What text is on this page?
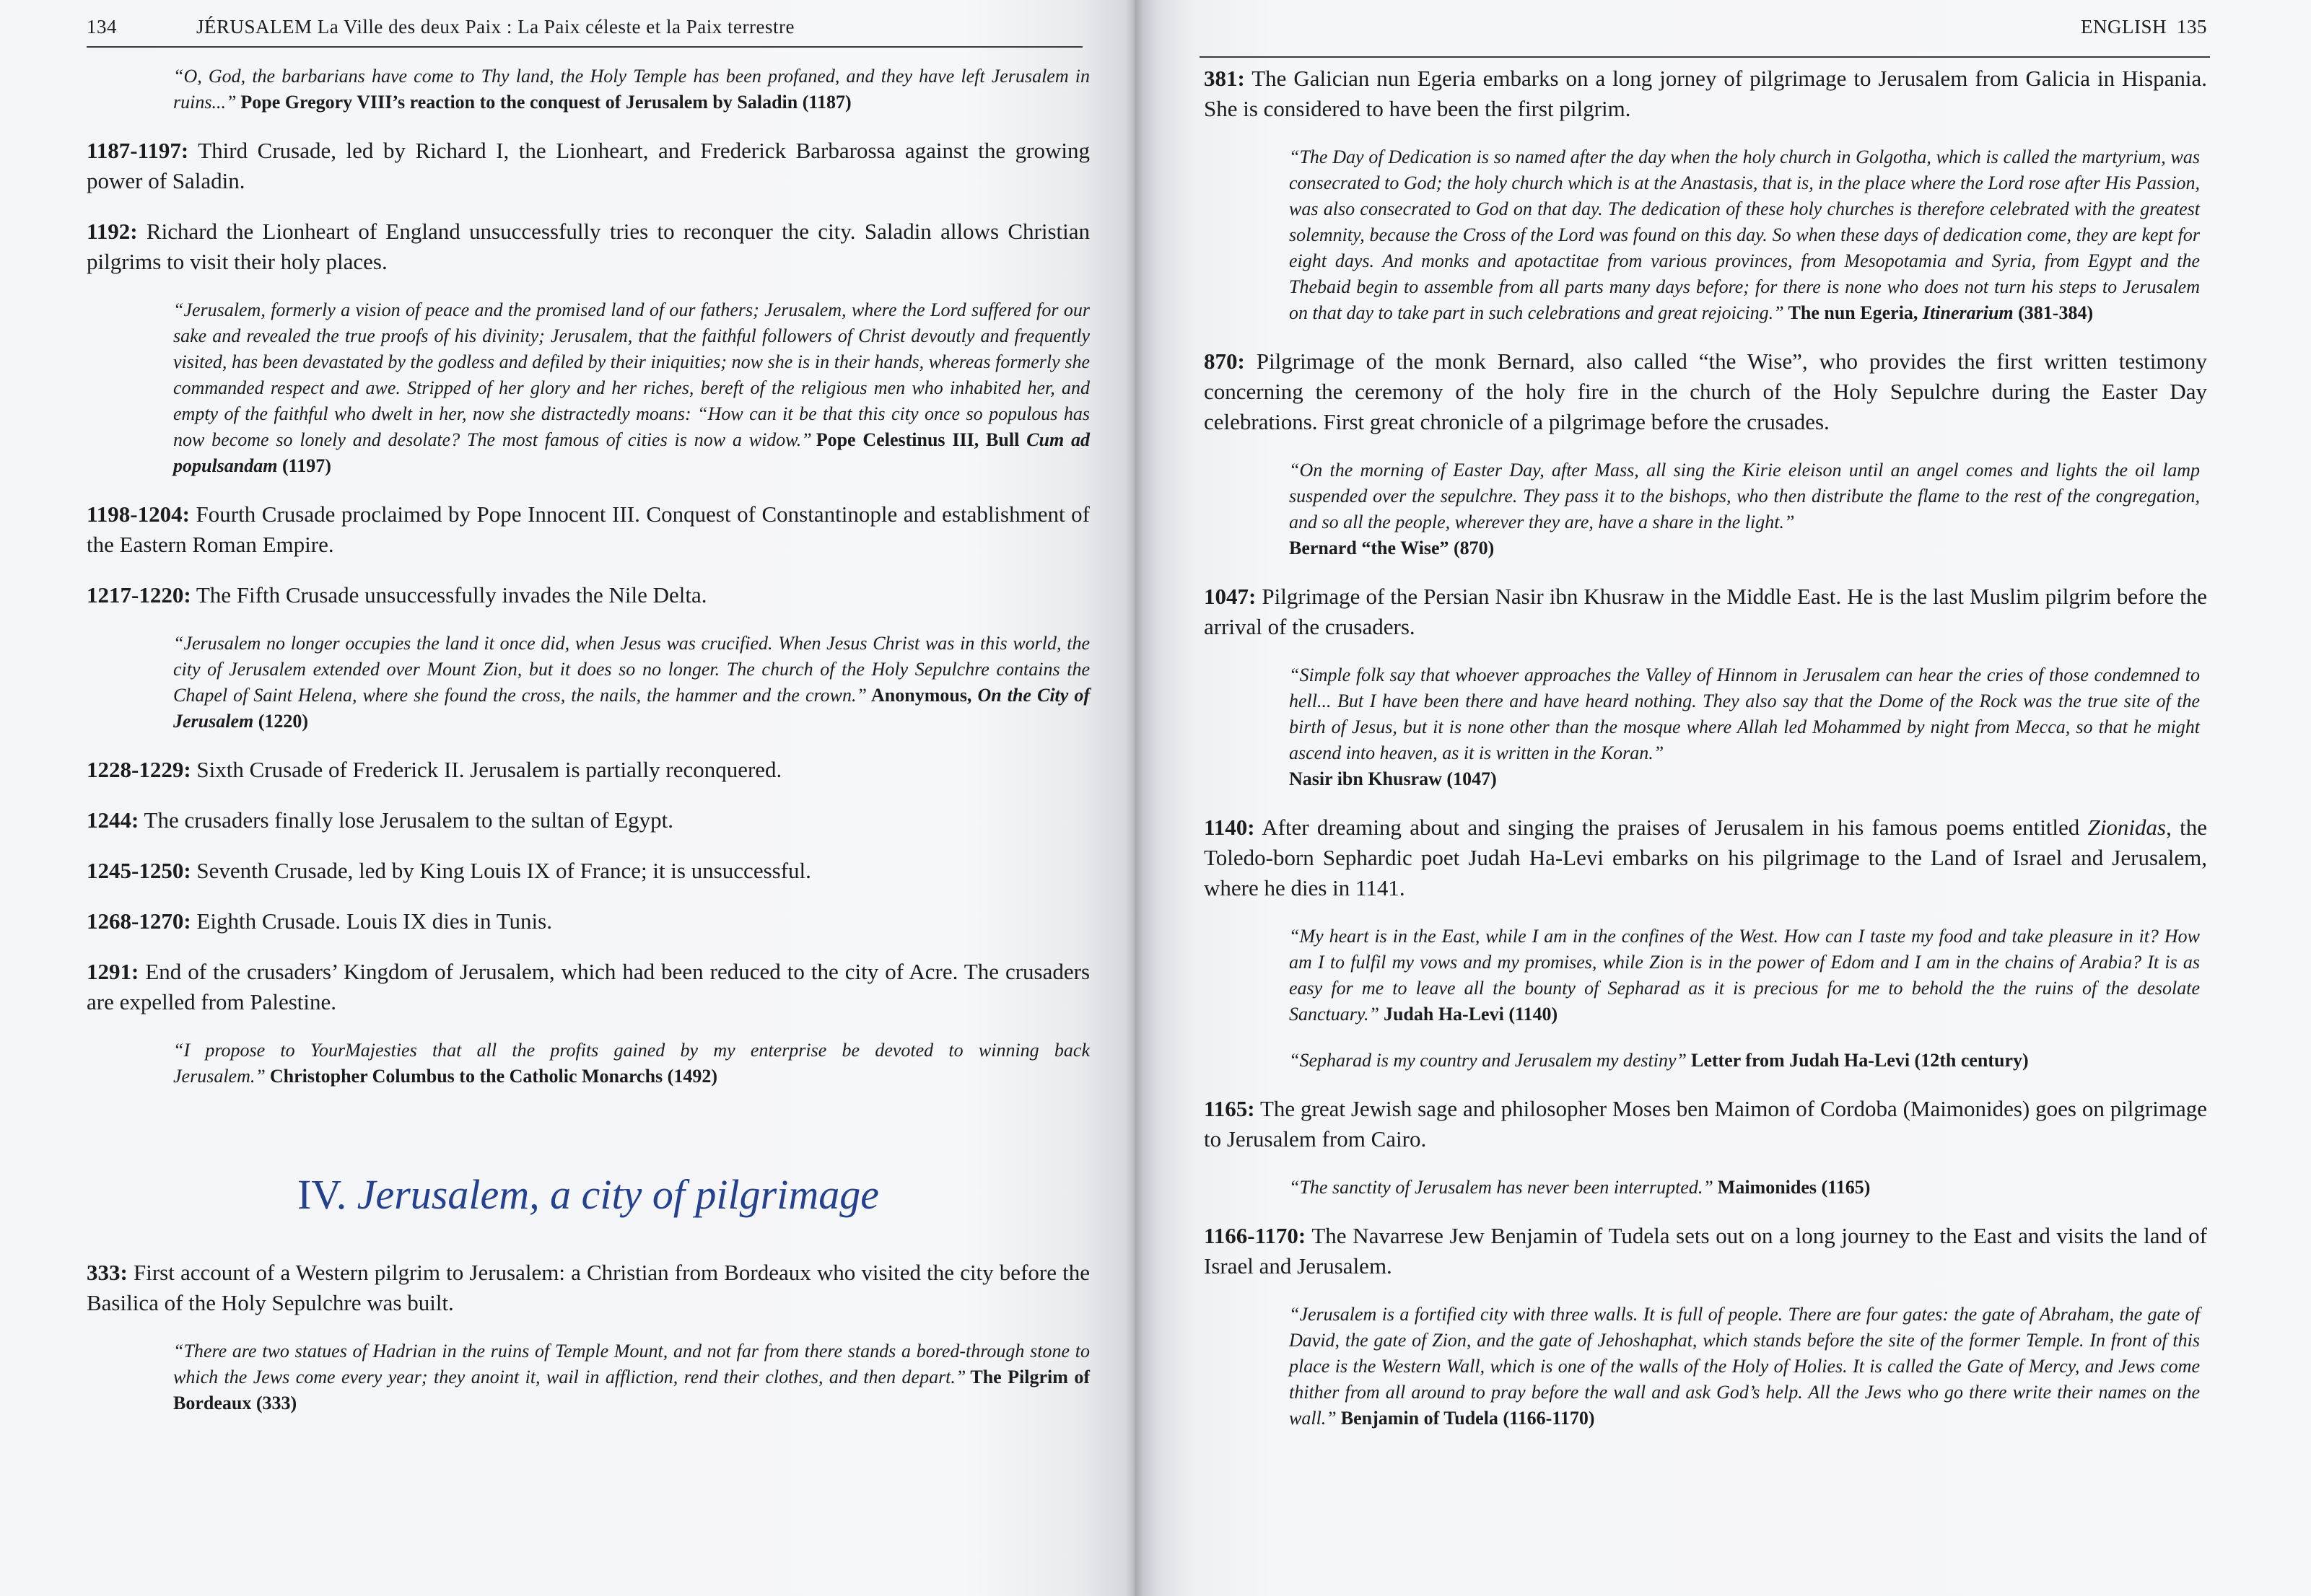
134	JÉRUSALEM La Ville des deux Paix : La Paix céleste et la Paix terrestre

“O, God, the barbarians have come to Thy land, the Holy Temple has been profaned, and they have left Jerusalem in ruins...” Pope Gregory VIII’s reaction to the conquest of Jerusalem by Saladin (1187)

1187-1197: Third Crusade, led by Richard I, the Lionheart, and Frederick Barbarossa against the growing power of Saladin.

1192: Richard the Lionheart of England unsuccessfully tries to reconquer the city. Saladin allows Christian pilgrims to visit their holy places.

“Jerusalem, formerly a vision of peace and the promised land of our fathers; Jerusalem, where the Lord suffered for our sake and revealed the true proofs of his divinity; Jerusalem, that the faithful followers of Christ devoutly and frequently visited, has been devastated by the godless and defiled by their iniquities; now she is in their hands, whereas formerly she commanded respect and awe. Stripped of her glory and her riches, bereft of the religious men who inhabited her, and empty of the faithful who dwelt in her, now she distractedly moans: “How can it be that this city once so populous has now become so lonely and desolate? The most famous of cities is now a widow.” Pope Celestinus III, Bull Cum ad populsandam (1197)

1198-1204: Fourth Crusade proclaimed by Pope Innocent III. Conquest of Constantinople and establishment of the Eastern Roman Empire.

1217-1220: The Fifth Crusade unsuccessfully invades the Nile Delta.

“Jerusalem no longer occupies the land it once did, when Jesus was crucified. When Jesus Christ was in this world, the city of Jerusalem extended over Mount Zion, but it does so no longer. The church of the Holy Sepulchre contains the Chapel of Saint Helena, where she found the cross, the nails, the hammer and the crown.” Anonymous, On the City of Jerusalem (1220)

1228-1229: Sixth Crusade of Frederick II. Jerusalem is partially reconquered.

1244: The crusaders finally lose Jerusalem to the sultan of Egypt.

1245-1250: Seventh Crusade, led by King Louis IX of France; it is unsuccessful.

1268-1270: Eighth Crusade. Louis IX dies in Tunis.

1291: End of the crusaders’ Kingdom of Jerusalem, which had been reduced to the city of Acre. The crusaders are expelled from Palestine.

“I propose to YourMajesties that all the profits gained by my enterprise be devoted to winning back Jerusalem.” Christopher Columbus to the Catholic Monarchs (1492)

IV. Jerusalem, a city of pilgrimage

333: First account of a Western pilgrim to Jerusalem: a Christian from Bordeaux who visited the city before the Basilica of the Holy Sepulchre was built.

“There are two statues of Hadrian in the ruins of Temple Mount, and not far from there stands a bored-through stone to which the Jews come every year; they anoint it, wail in affliction, rend their clothes, and then depart.” The Pilgrim of Bordeaux (333)

ENGLISH 135

381: The Galician nun Egeria embarks on a long jorney of pilgrimage to Jerusalem from Galicia in Hispania. She is considered to have been the first pilgrim.

“The Day of Dedication is so named after the day when the holy church in Golgotha, which is called the martyrium, was consecrated to God; the holy church which is at the Anastasis, that is, in the place where the Lord rose after His Passion, was also consecrated to God on that day. The dedication of these holy churches is therefore celebrated with the greatest solemnity, because the Cross of the Lord was found on this day. So when these days of dedication come, they are kept for eight days. And monks and apotactitae from various provinces, from Mesopotamia and Syria, from Egypt and the Thebaid begin to assemble from all parts many days before; for there is none who does not turn his steps to Jerusalem on that day to take part in such celebrations and great rejoicing.” The nun Egeria, Itinerarium (381-384)

870: Pilgrimage of the monk Bernard, also called “the Wise”, who provides the first written testimony concerning the ceremony of the holy fire in the church of the Holy Sepulchre during the Easter Day celebrations. First great chronicle of a pilgrimage before the crusades.

“On the morning of Easter Day, after Mass, all sing the Kirie eleison until an angel comes and lights the oil lamp suspended over the sepulchre. They pass it to the bishops, who then distribute the flame to the rest of the congregation, and so all the people, wherever they are, have a share in the light.”
Bernard “the Wise” (870)

1047: Pilgrimage of the Persian Nasir ibn Khusraw in the Middle East. He is the last Muslim pilgrim before the arrival of the crusaders.

“Simple folk say that whoever approaches the Valley of Hinnom in Jerusalem can hear the cries of those condemned to hell... But I have been there and have heard nothing. They also say that the Dome of the Rock was the true site of the birth of Jesus, but it is none other than the mosque where Allah led Mohammed by night from Mecca, so that he might ascend into heaven, as it is written in the Koran.”
Nasir ibn Khusraw (1047)

1140: After dreaming about and singing the praises of Jerusalem in his famous poems entitled Zionidas, the Toledo-born Sephardic poet Judah Ha-Levi embarks on his pilgrimage to the Land of Israel and Jerusalem, where he dies in 1141.

“My heart is in the East, while I am in the confines of the West. How can I taste my food and take pleasure in it? How am I to fulfil my vows and my promises, while Zion is in the power of Edom and I am in the chains of Arabia? It is as easy for me to leave all the bounty of Sepharad as it is precious for me to behold the the ruins of the desolate Sanctuary.” Judah Ha-Levi (1140)

“Sepharad is my country and Jerusalem my destiny” Letter from Judah Ha-Levi (12th century)

1165: The great Jewish sage and philosopher Moses ben Maimon of Cordoba (Maimonides) goes on pilgrimage to Jerusalem from Cairo.

“The sanctity of Jerusalem has never been interrupted.” Maimonides (1165)

1166-1170: The Navarrese Jew Benjamin of Tudela sets out on a long journey to the East and visits the land of Israel and Jerusalem.

“Jerusalem is a fortified city with three walls. It is full of people. There are four gates: the gate of Abraham, the gate of David, the gate of Zion, and the gate of Jehoshaphat, which stands before the site of the former Temple. In front of this place is the Western Wall, which is one of the walls of the Holy of Holies. It is called the Gate of Mercy, and Jews come thither from all around to pray before the wall and ask God’s help. All the Jews who go there write their names on the wall.” Benjamin of Tudela (1166-1170)
